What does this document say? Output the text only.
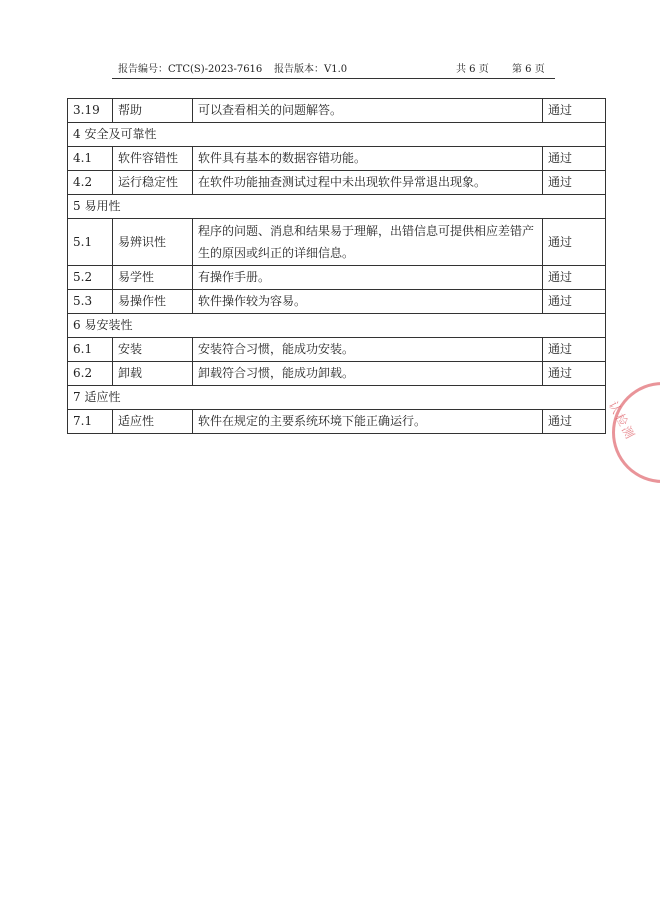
报告编号：CTC(S)-2023-7616 报告版本：V1.0	共 6 页 第 6 页
3.19	帮助	可以查看相关的问题解答。	通过
4 安全及可靠性			
4.1	软件容错性	软件具有基本的数据容错功能。	通过
4.2	运行稳定性	在软件功能抽查测试过程中未出现软件异常退出现象。	通过
5 易用性			
5.1	易辨识性	程序的问题、消息和结果易于理解，出错信息可提供相应差错产生的原因或纠正的详细信息。	通过
5.2	易学性	有操作手册。	通过
5.3	易操作性	软件操作较为容易。	通过
6 易安装性			
6.1	安装	安装符合习惯，能成功安装。	通过
6.2	卸载	卸载符合习惯，能成功卸载。	通过
7 适应性			
7.1	适应性	软件在规定的主要系统环境下能正确运行。	通过	认检测
